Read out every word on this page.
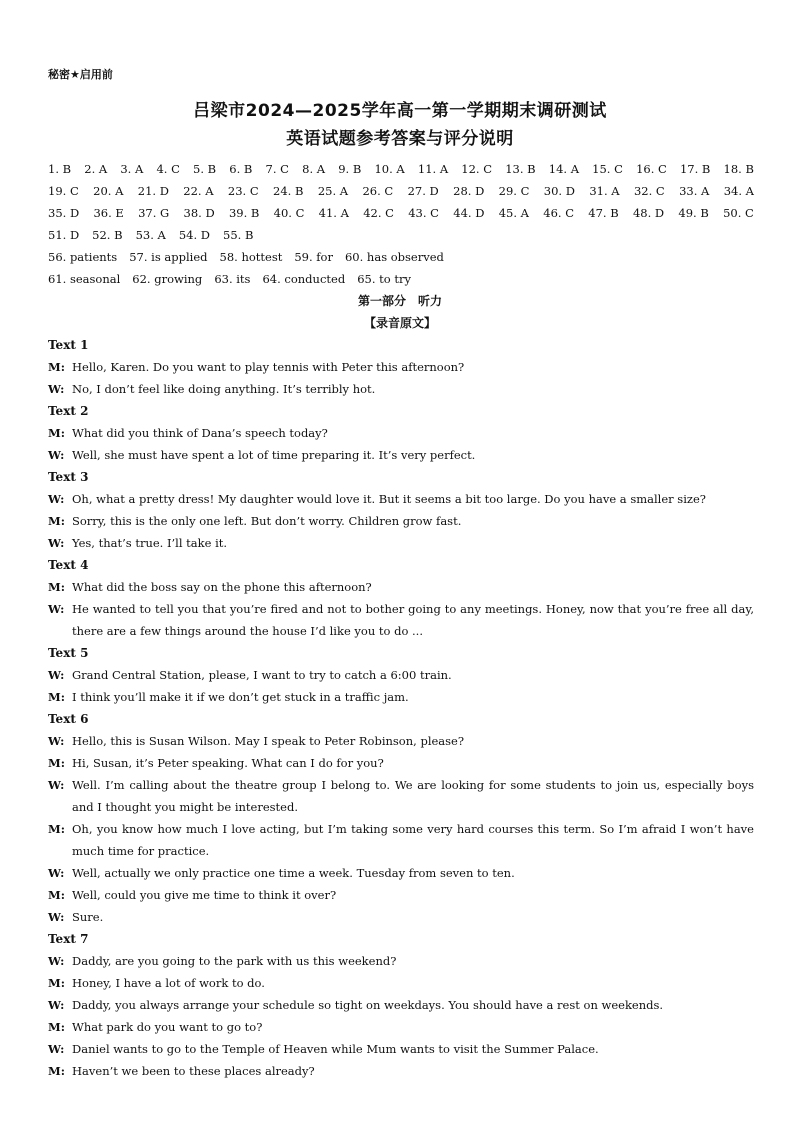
秘密★启用前
吕梁市2024—2025学年高一第一学期期末调研测试
英语试题参考答案与评分说明
1. B 2. A 3. A 4. C 5. B 6. B 7. C 8. A 9. B 10. A 11. A 12. C 13. B 14. A 15. C 16. C 17. B 18. B
19. C 20. A 21. D 22. A 23. C 24. B 25. A 26. C 27. D 28. D 29. C 30. D 31. A 32. C 33. A 34. A
35. D 36. E 37. G 38. D 39. B 40. C 41. A 42. C 43. C 44. D 45. A 46. C 47. B 48. D 49. B 50. C
51. D 52. B 53. A 54. D 55. B
56. patients 57. is applied 58. hottest 59. for 60. has observed
61. seasonal 62. growing 63. its 64. conducted 65. to try
第一部分　听力
【录音原文】
Text 1
M: Hello, Karen. Do you want to play tennis with Peter this afternoon?
W: No, I don’t feel like doing anything. It’s terribly hot.
Text 2
M: What did you think of Dana’s speech today?
W: Well, she must have spent a lot of time preparing it. It’s very perfect.
Text 3
W: Oh, what a pretty dress! My daughter would love it. But it seems a bit too large. Do you have a smaller size?
M: Sorry, this is the only one left. But don’t worry. Children grow fast.
W: Yes, that’s true. I’ll take it.
Text 4
M: What did the boss say on the phone this afternoon?
W: He wanted to tell you that you’re fired and not to bother going to any meetings. Honey, now that you’re free all day, there are a few things around the house I’d like you to do ...
Text 5
W: Grand Central Station, please, I want to try to catch a 6:00 train.
M: I think you’ll make it if we don’t get stuck in a traffic jam.
Text 6
W: Hello, this is Susan Wilson. May I speak to Peter Robinson, please?
M: Hi, Susan, it’s Peter speaking. What can I do for you?
W: Well. I’m calling about the theatre group I belong to. We are looking for some students to join us, especially boys and I thought you might be interested.
M: Oh, you know how much I love acting, but I’m taking some very hard courses this term. So I’m afraid I won’t have much time for practice.
W: Well, actually we only practice one time a week. Tuesday from seven to ten.
M: Well, could you give me time to think it over?
W: Sure.
Text 7
W: Daddy, are you going to the park with us this weekend?
M: Honey, I have a lot of work to do.
W: Daddy, you always arrange your schedule so tight on weekdays. You should have a rest on weekends.
M: What park do you want to go to?
W: Daniel wants to go to the Temple of Heaven while Mum wants to visit the Summer Palace.
M: Haven’t we been to these places already?
